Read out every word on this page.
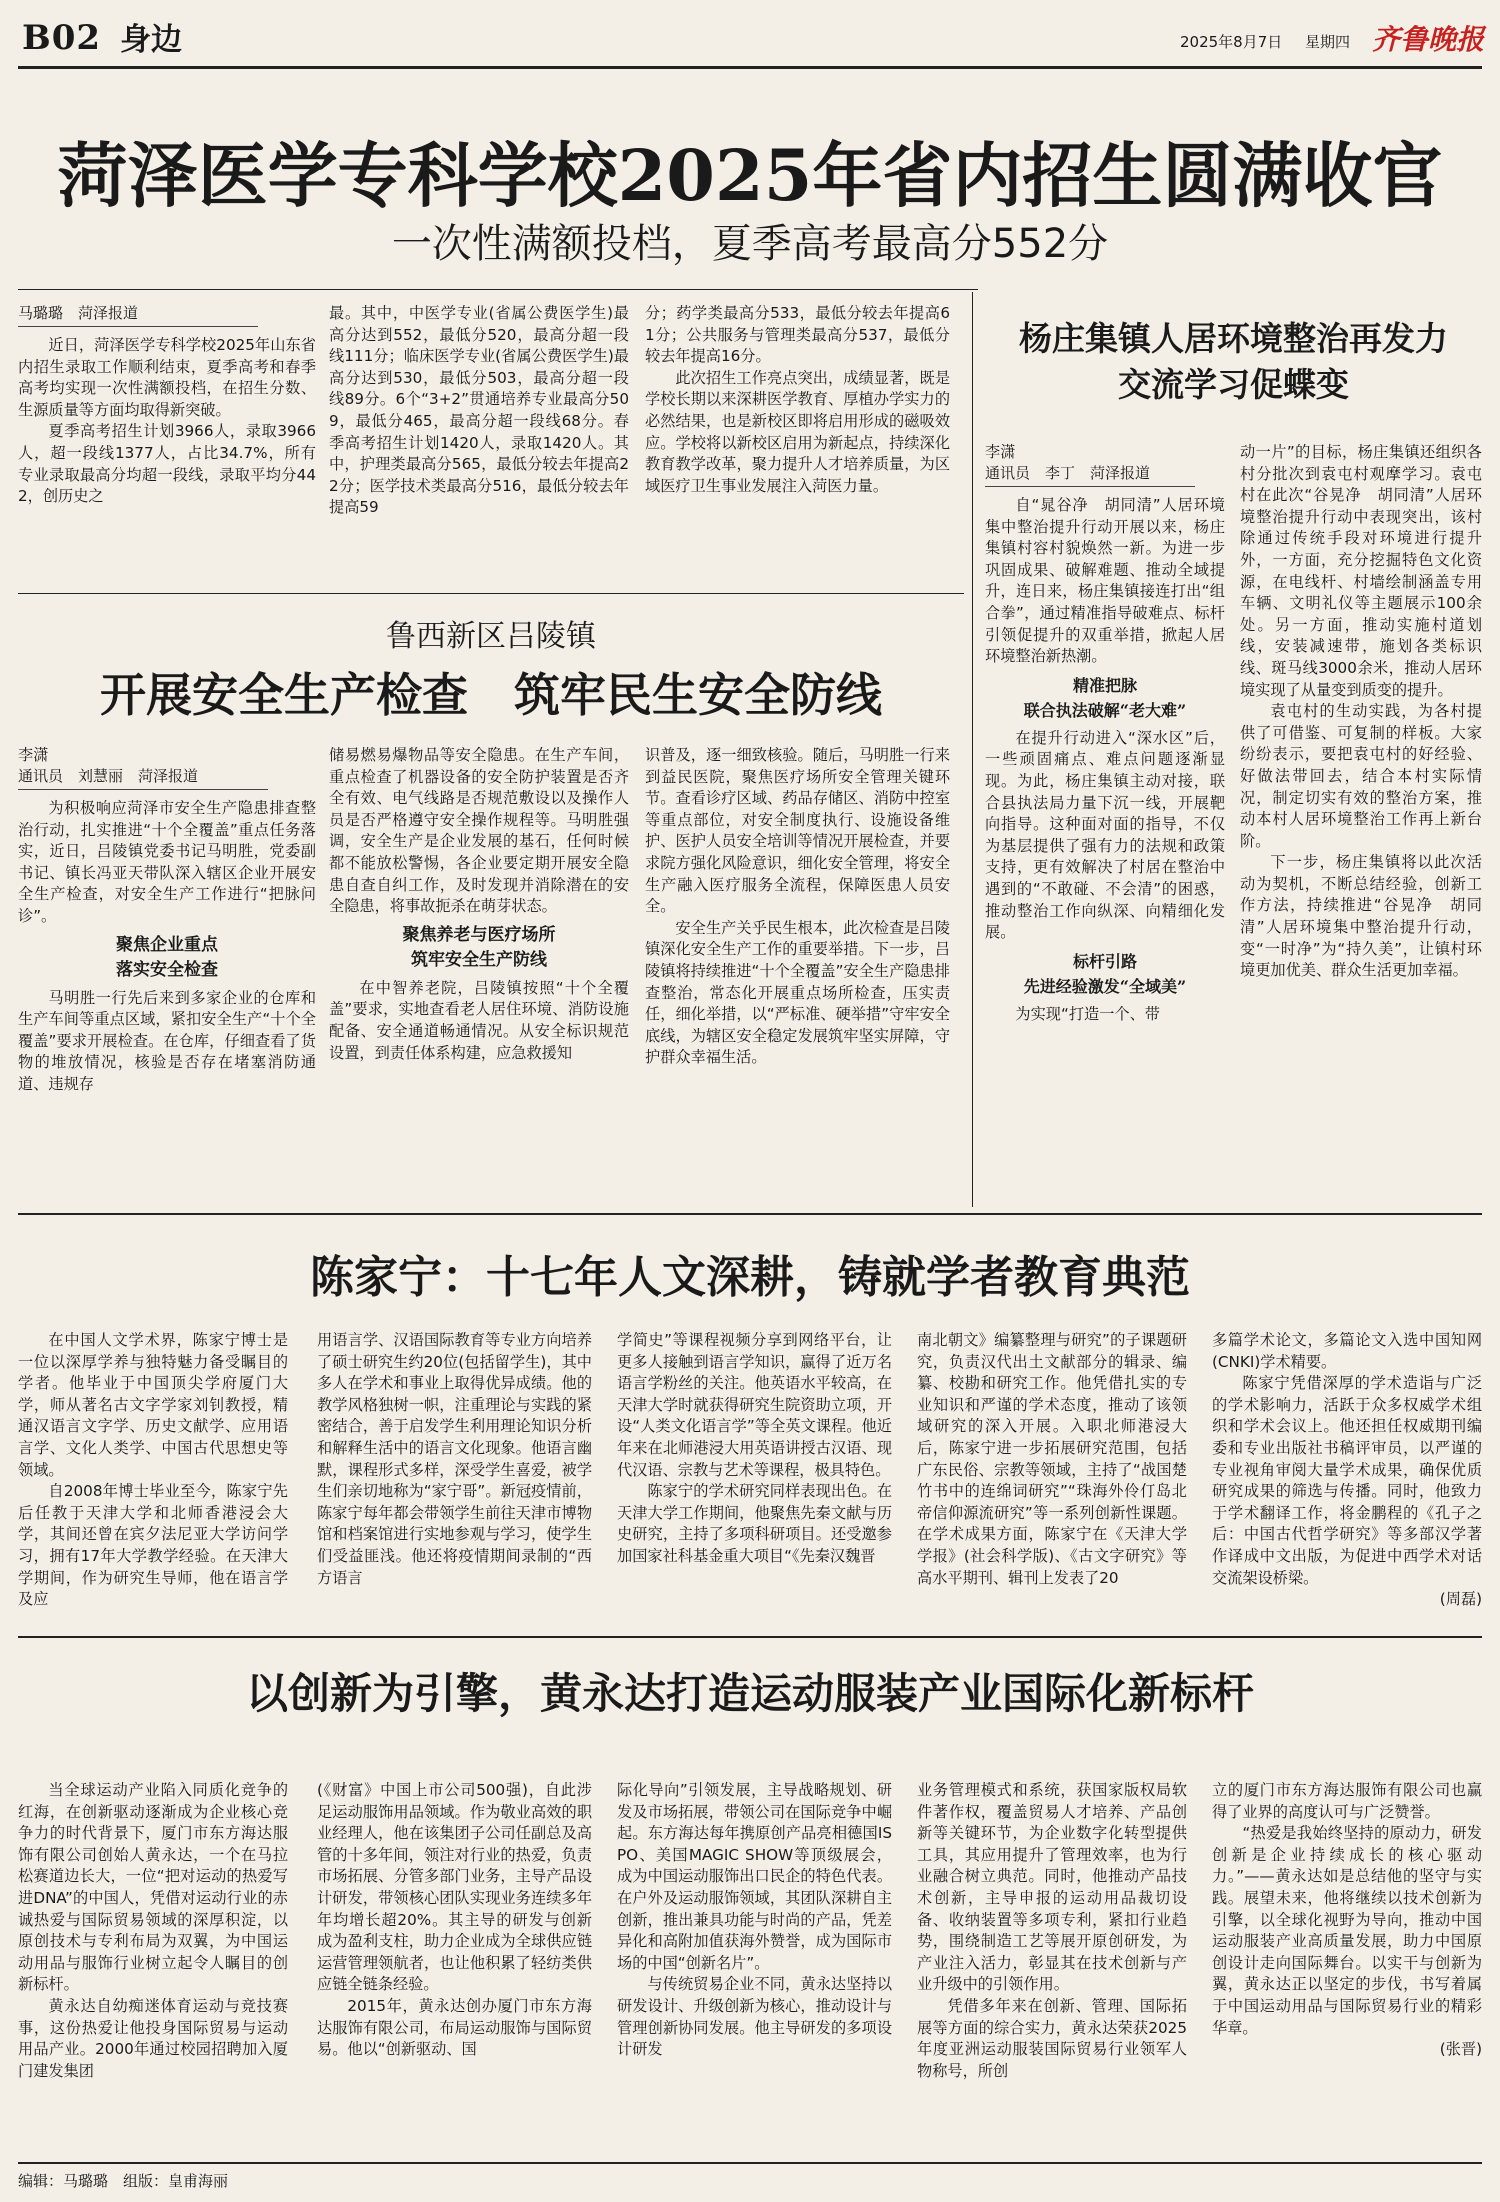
B02 身边	2025年8月7日 星期四 齐鲁晚报
菏泽医学专科学校2025年省内招生圆满收官
一次性满额投档，夏季高考最高分552分
马璐璐　菏泽报道

近日，菏泽医学专科学校2025年山东省内招生录取工作顺利结束，夏季高考和春季高考均实现一次性满额投档，在招生分数、生源质量等方面均取得新突破。

夏季高考招生计划3966人，录取3966人，超一段线1377人，占比34.7%，所有专业录取最高分均超一段线，录取平均分442，创历史之

最。其中，中医学专业(省属公费医学生)最高分达到552，最低分520，最高分超一段线111分；临床医学专业(省属公费医学生)最高分达到530，最低分503，最高分超一段线89分。6个“3+2”贯通培养专业最高分509，最低分465，最高分超一段线68分。春季高考招生计划1420人，录取1420人。其中，护理类最高分565，最低分较去年提高22分；医学技术类最高分516，最低分较去年提高59

分；药学类最高分533，最低分较去年提高61分；公共服务与管理类最高分537，最低分较去年提高16分。

此次招生工作亮点突出，成绩显著，既是学校长期以来深耕医学教育、厚植办学实力的必然结果，也是新校区即将启用形成的磁吸效应。学校将以新校区启用为新起点，持续深化教育教学改革，聚力提升人才培养质量，为区域医疗卫生事业发展注入菏医力量。

鲁西新区吕陵镇
开展安全生产检查　筑牢民生安全防线
李潇
通讯员　刘慧丽　菏泽报道

为积极响应菏泽市安全生产隐患排查整治行动，扎实推进“十个全覆盖”重点任务落实，近日，吕陵镇党委书记马明胜，党委副书记、镇长冯亚天带队深入辖区企业开展安全生产检查，对安全生产工作进行“把脉问诊”。

聚焦企业重点
落实安全检查

马明胜一行先后来到多家企业的仓库和生产车间等重点区域，紧扣安全生产“十个全覆盖”要求开展检查。在仓库，仔细查看了货物的堆放情况，核验是否存在堵塞消防通道、违规存

储易燃易爆物品等安全隐患。在生产车间，重点检查了机器设备的安全防护装置是否齐全有效、电气线路是否规范敷设以及操作人员是否严格遵守安全操作规程等。马明胜强调，安全生产是企业发展的基石，任何时候都不能放松警惕，各企业要定期开展安全隐患自查自纠工作，及时发现并消除潜在的安全隐患，将事故扼杀在萌芽状态。

聚焦养老与医疗场所
筑牢安全生产防线

在中智养老院，吕陵镇按照“十个全覆盖”要求，实地查看老人居住环境、消防设施配备、安全通道畅通情况。从安全标识规范设置，到责任体系构建，应急救援知

识普及，逐一细致核验。随后，马明胜一行来到益民医院，聚焦医疗场所安全管理关键环节。查看诊疗区域、药品存储区、消防中控室等重点部位，对安全制度执行、设施设备维护、医护人员安全培训等情况开展检查，并要求院方强化风险意识，细化安全管理，将安全生产融入医疗服务全流程，保障医患人员安全。

安全生产关乎民生根本，此次检查是吕陵镇深化安全生产工作的重要举措。下一步，吕陵镇将持续推进“十个全覆盖”安全生产隐患排查整治，常态化开展重点场所检查，压实责任，细化举措，以“严标准、硬举措”守牢安全底线，为辖区安全稳定发展筑牢坚实屏障，守护群众幸福生活。

杨庄集镇人居环境整治再发力
交流学习促蝶变
李潇
通讯员　李丁　菏泽报道

自“晁谷净　胡同清”人居环境集中整治提升行动开展以来，杨庄集镇村容村貌焕然一新。为进一步巩固成果、破解难题、推动全域提升，连日来，杨庄集镇接连打出“组合拳”，通过精准指导破难点、标杆引领促提升的双重举措，掀起人居环境整治新热潮。

精准把脉
联合执法破解“老大难”

在提升行动进入“深水区”后，一些顽固痛点、难点问题逐渐显现。为此，杨庄集镇主动对接，联合县执法局力量下沉一线，开展靶向指导。这种面对面的指导，不仅为基层提供了强有力的法规和政策支持，更有效解决了村居在整治中遇到的“不敢碰、不会清”的困惑，推动整治工作向纵深、向精细化发展。

标杆引路
先进经验激发“全域美”

为实现“打造一个、带

动一片”的目标，杨庄集镇还组织各村分批次到袁屯村观摩学习。袁屯村在此次“谷晃净　胡同清”人居环境整治提升行动中表现突出，该村除通过传统手段对环境进行提升外，一方面，充分挖掘特色文化资源，在电线杆、村墙绘制涵盖专用车辆、文明礼仪等主题展示100余处。另一方面，推动实施村道划线，安装减速带，施划各类标识线、斑马线3000余米，推动人居环境实现了从量变到质变的提升。

袁屯村的生动实践，为各村提供了可借鉴、可复制的样板。大家纷纷表示，要把袁屯村的好经验、好做法带回去，结合本村实际情况，制定切实有效的整治方案，推动本村人居环境整治工作再上新台阶。

下一步，杨庄集镇将以此次活动为契机，不断总结经验，创新工作方法，持续推进“谷晃净　胡同清”人居环境集中整治提升行动，变“一时净”为“持久美”，让镇村环境更加优美、群众生活更加幸福。

陈家宁：十七年人文深耕，铸就学者教育典范

在中国人文学术界，陈家宁博士是一位以深厚学养与独特魅力备受瞩目的学者。他毕业于中国顶尖学府厦门大学，师从著名古文字学家刘钊教授，精通汉语言文字学、历史文献学、应用语言学、文化人类学、中国古代思想史等领域。

自2008年博士毕业至今，陈家宁先后任教于天津大学和北师香港浸会大学，其间还曾在宾夕法尼亚大学访问学习，拥有17年大学教学经验。在天津大学期间，作为研究生导师，他在语言学及应

用语言学、汉语国际教育等专业方向培养了硕士研究生约20位(包括留学生)，其中多人在学术和事业上取得优异成绩。他的教学风格独树一帜，注重理论与实践的紧密结合，善于启发学生利用理论知识分析和解释生活中的语言文化现象。他语言幽默，课程形式多样，深受学生喜爱，被学生们亲切地称为“家宁哥”。新冠疫情前，陈家宁每年都会带领学生前往天津市博物馆和档案馆进行实地参观与学习，使学生们受益匪浅。他还将疫情期间录制的“西方语言

学简史”等课程视频分享到网络平台，让更多人接触到语言学知识，赢得了近万名语言学粉丝的关注。他英语水平较高，在天津大学时就获得研究生院资助立项，开设“人类文化语言学”等全英文课程。他近年来在北师港浸大用英语讲授古汉语、现代汉语、宗教与艺术等课程，极具特色。

陈家宁的学术研究同样表现出色。在天津大学工作期间，他聚焦先秦文献与历史研究，主持了多项科研项目。还受邀参加国家社科基金重大项目“《先秦汉魏晋

南北朝文》编纂整理与研究”的子课题研究，负责汉代出土文献部分的辑录、编纂、校勘和研究工作。他凭借扎实的专业知识和严谨的学术态度，推动了该领域研究的深入开展。入职北师港浸大后，陈家宁进一步拓展研究范围，包括广东民俗、宗教等领域，主持了“战国楚竹书中的连绵词研究”“珠海外伶仃岛北帝信仰源流研究”等一系列创新性课题。在学术成果方面，陈家宁在《天津大学学报》(社会科学版)、《古文字研究》等高水平期刊、辑刊上发表了20

多篇学术论文，多篇论文入选中国知网(CNKI)学术精要。

陈家宁凭借深厚的学术造诣与广泛的学术影响力，活跃于众多权威学术组织和学术会议上。他还担任权威期刊编委和专业出版社书稿评审员，以严谨的专业视角审阅大量学术成果，确保优质研究成果的筛选与传播。同时，他致力于学术翻译工作，将金鹏程的《孔子之后：中国古代哲学研究》等多部汉学著作译成中文出版，为促进中西学术对话交流架设桥梁。

(周磊)
以创新为引擎，黄永达打造运动服装产业国际化新标杆

当全球运动产业陷入同质化竞争的红海，在创新驱动逐渐成为企业核心竞争力的时代背景下，厦门市东方海达服饰有限公司创始人黄永达，一个在马拉松赛道边长大，一位“把对运动的热爱写进DNA”的中国人，凭借对运动行业的赤诚热爱与国际贸易领域的深厚积淀，以原创技术与专利布局为双翼，为中国运动用品与服饰行业树立起令人瞩目的创新标杆。

黄永达自幼痴迷体育运动与竞技赛事，这份热爱让他投身国际贸易与运动用品产业。2000年通过校园招聘加入厦门建发集团

(《财富》中国上市公司500强)，自此涉足运动服饰用品领域。作为敬业高效的职业经理人，他在该集团子公司任副总及高管的十多年间，领注对行业的热爱，负责市场拓展、分管多部门业务，主导产品设计研发，带领核心团队实现业务连续多年年均增长超20%。其主导的研发与创新成为盈利支柱，助力企业成为全球供应链运营管理领航者，也让他积累了轻纺类供应链全链条经验。

2015年，黄永达创办厦门市东方海达服饰有限公司，布局运动服饰与国际贸易。他以“创新驱动、国

际化导向”引领发展，主导战略规划、研发及市场拓展，带领公司在国际竞争中崛起。东方海达每年携原创产品亮相德国ISPO、美国MAGIC SHOW等顶级展会，成为中国运动服饰出口民企的特色代表。在户外及运动服饰领域，其团队深耕自主创新，推出兼具功能与时尚的产品，凭差异化和高附加值获海外赞誉，成为国际市场的中国“创新名片”。

与传统贸易企业不同，黄永达坚持以研发设计、升级创新为核心，推动设计与管理创新协同发展。他主导研发的多项设计研发

业务管理模式和系统，获国家版权局软件著作权，覆盖贸易人才培养、产品创新等关键环节，为企业数字化转型提供工具，其应用提升了管理效率，也为行业融合树立典范。同时，他推动产品技术创新，主导申报的运动用品裁切设备、收纳装置等多项专利，紧扣行业趋势，围绕制造工艺等展开原创研发，为产业注入活力，彰显其在技术创新与产业升级中的引领作用。

凭借多年来在创新、管理、国际拓展等方面的综合实力，黄永达荣获2025年度亚洲运动服装国际贸易行业领军人物称号，所创

立的厦门市东方海达服饰有限公司也赢得了业界的高度认可与广泛赞誉。

“热爱是我始终坚持的原动力，研发创新是企业持续成长的核心驱动力。”——黄永达如是总结他的坚守与实践。展望未来，他将继续以技术创新为引擎，以全球化视野为导向，推动中国运动服装产业高质量发展，助力中国原创设计走向国际舞台。以实干与创新为翼，黄永达正以坚定的步伐，书写着属于中国运动用品与国际贸易行业的精彩华章。

(张晋)
编辑：马璐璐　组版：皇甫海丽
